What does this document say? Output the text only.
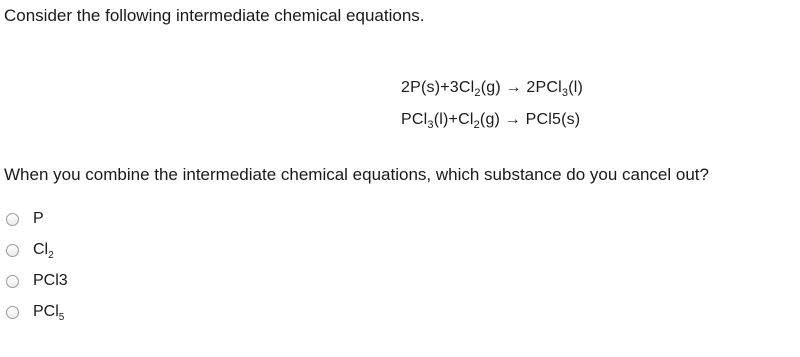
Consider the following intermediate chemical equations.

$2P(s)+3Cl_2(g) \to 2PCl_3(l)$
$PCl_3(l)+Cl_2(g) \to PCl5(s)$

When you combine the intermediate chemical equations, which substance do you cancel out?

P
$Cl_2$
PCl3
PCl$_5$
